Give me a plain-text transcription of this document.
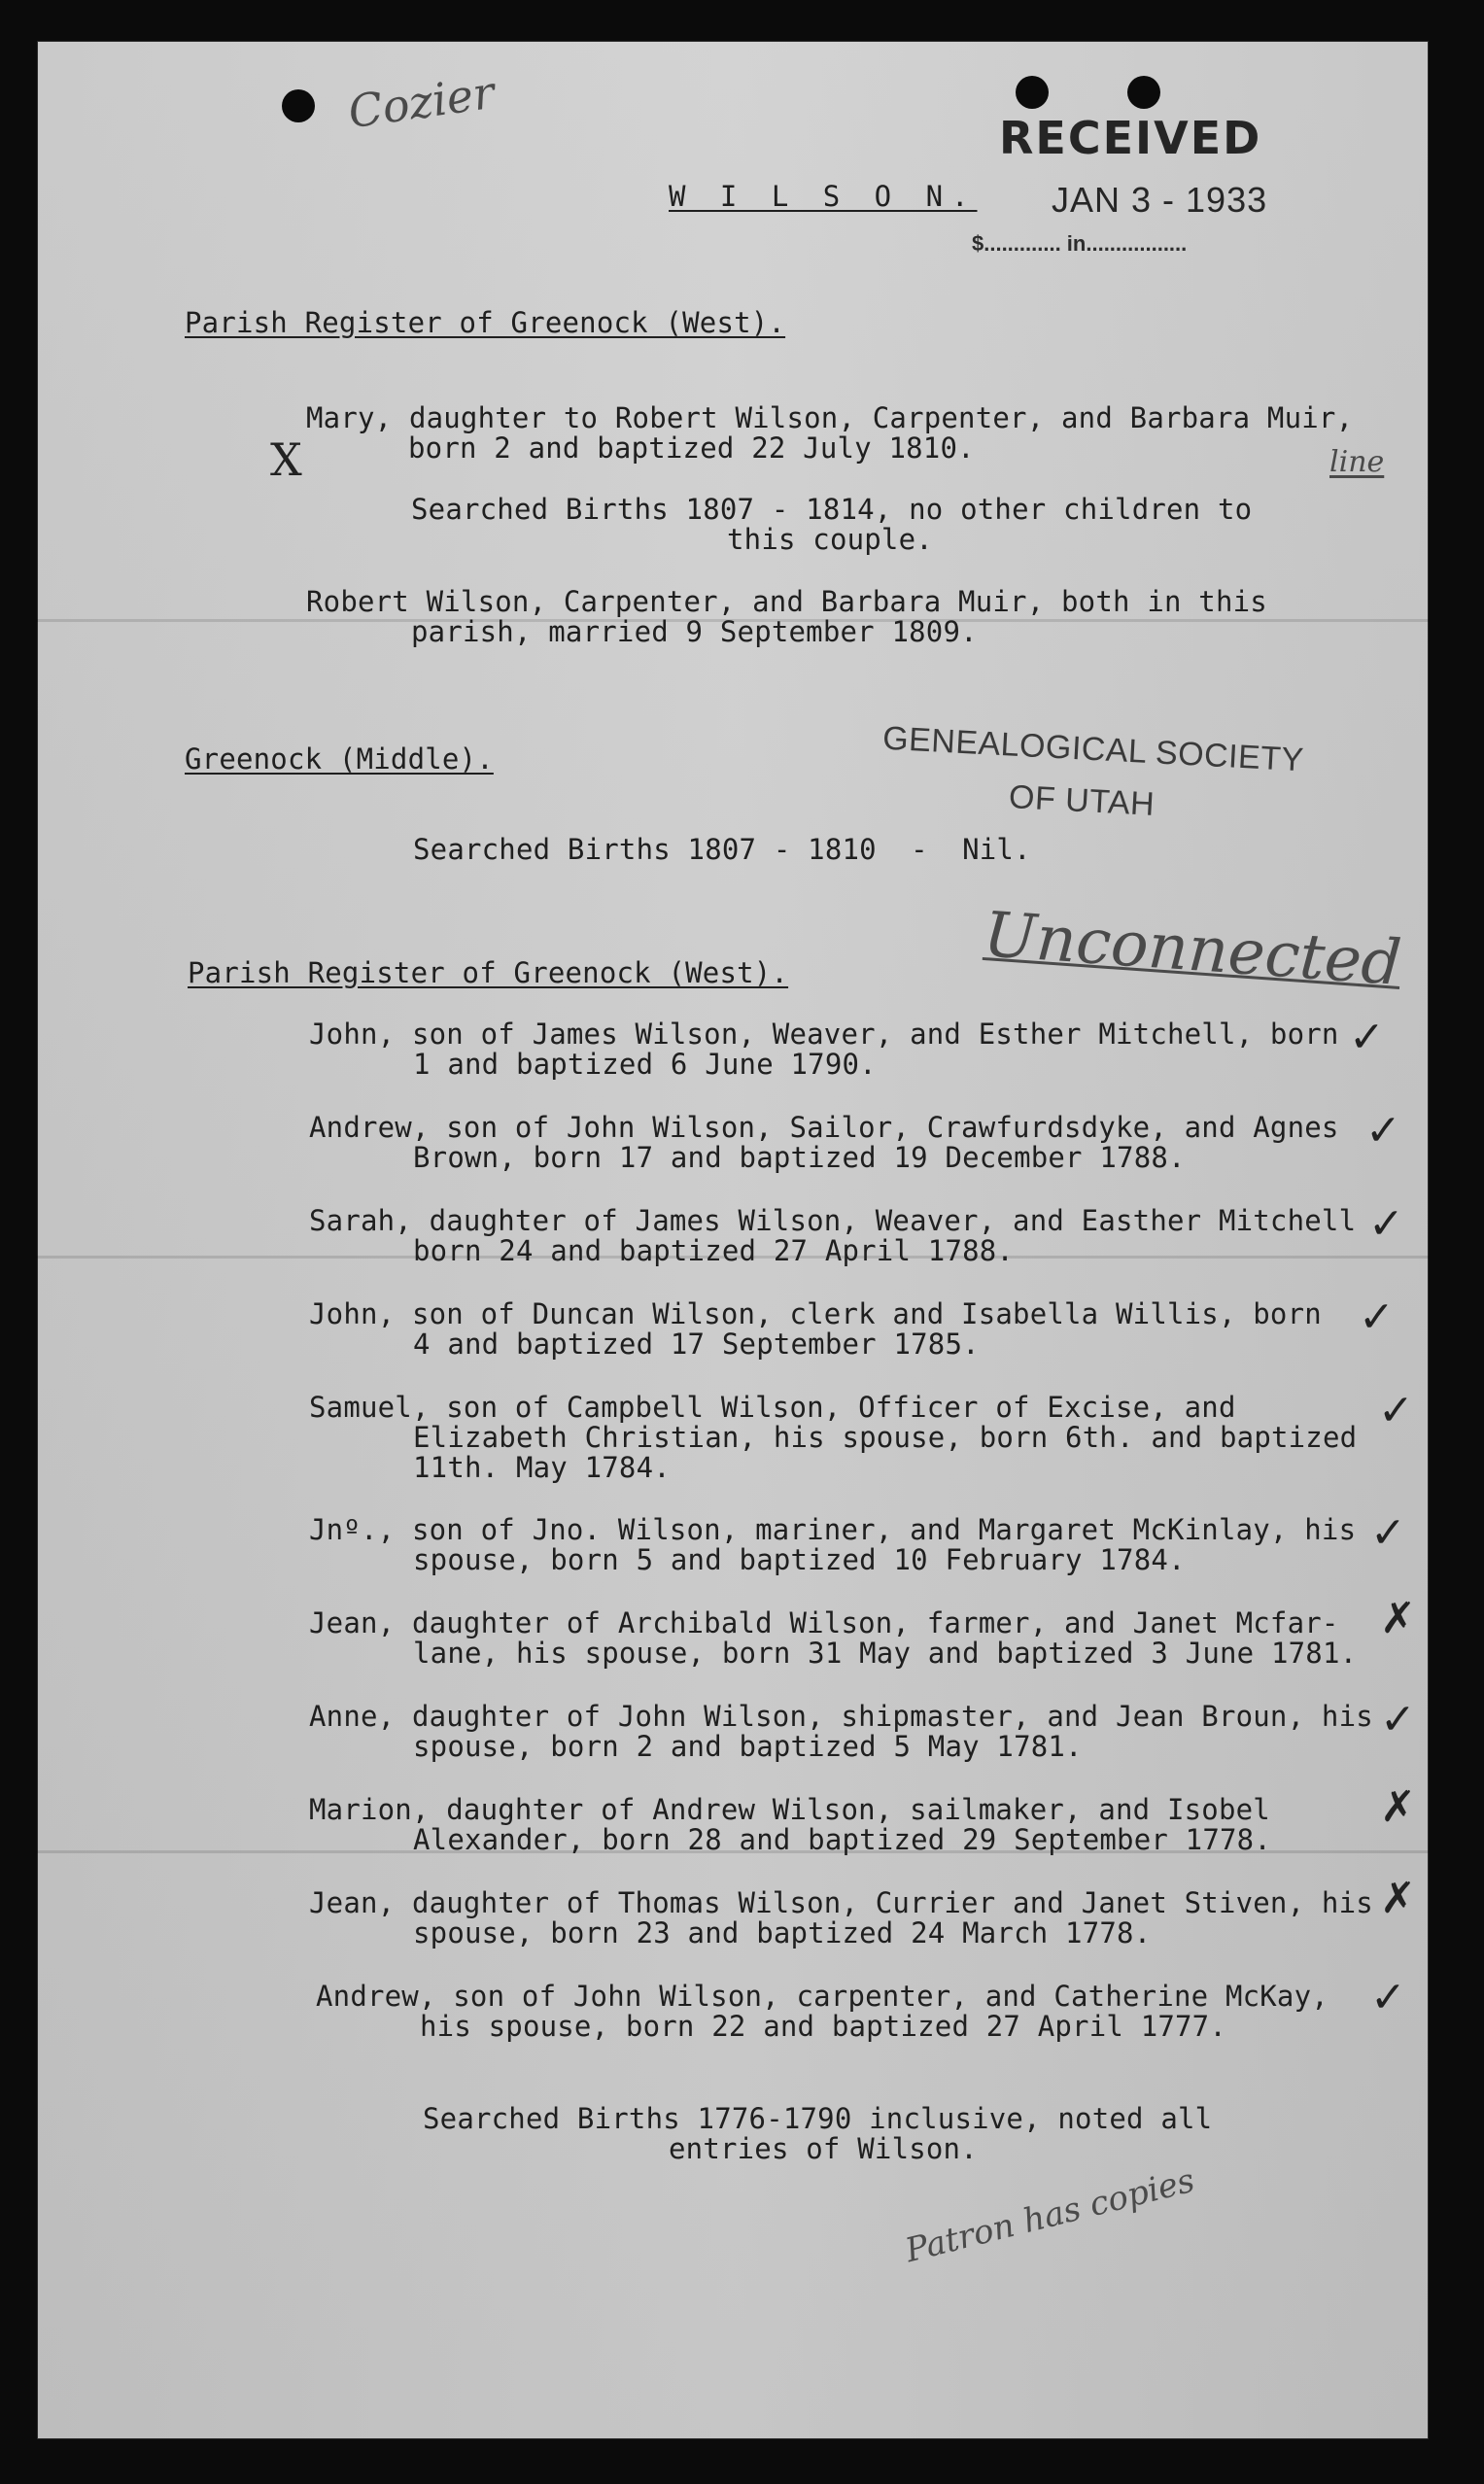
Cozier
W I L S O N.
RECEIVED
JAN 3 - 1933
$............. in.................
Parish Register of Greenock (West).
Mary, daughter to Robert Wilson, Carpenter, and Barbara Muir,
born 2 and baptized 22 July 1810.
X	line
Searched Births 1807 - 1814, no other children to
this couple.
Robert Wilson, Carpenter, and Barbara Muir, both in this
parish, married 9 September 1809.
GENEALOGICAL SOCIETY
OF UTAH
Greenock (Middle).
Searched Births 1807 - 1810  -  Nil.
Parish Register of Greenock (West).	Unconnected
John, son of James Wilson, Weaver, and Esther Mitchell, born
1 and baptized 6 June 1790.
✓
Andrew, son of John Wilson, Sailor, Crawfurdsdyke, and Agnes
Brown, born 17 and baptized 19 December 1788.
✓
Sarah, daughter of James Wilson, Weaver, and Easther Mitchell
born 24 and baptized 27 April 1788.
✓
John, son of Duncan Wilson, clerk and Isabella Willis, born
4 and baptized 17 September 1785.
✓
Samuel, son of Campbell Wilson, Officer of Excise, and
Elizabeth Christian, his spouse, born 6th. and baptized
11th. May 1784.
✓
Jnº., son of Jno. Wilson, mariner, and Margaret McKinlay, his
spouse, born 5 and baptized 10 February 1784.
✓
Jean, daughter of Archibald Wilson, farmer, and Janet Mcfar-
lane, his spouse, born 31 May and baptized 3 June 1781.
✗
Anne, daughter of John Wilson, shipmaster, and Jean Broun, his
spouse, born 2 and baptized 5 May 1781.
✓
Marion, daughter of Andrew Wilson, sailmaker, and Isobel
Alexander, born 28 and baptized 29 September 1778.
✗
Jean, daughter of Thomas Wilson, Currier and Janet Stiven, his
spouse, born 23 and baptized 24 March 1778.
✗
Andrew, son of John Wilson, carpenter, and Catherine McKay,
his spouse, born 22 and baptized 27 April 1777.
✓
Searched Births 1776-1790 inclusive, noted all
entries of Wilson.
Patron has copies
